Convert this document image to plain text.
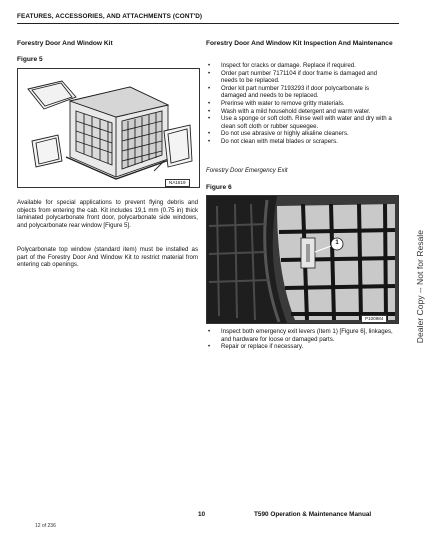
FEATURES, ACCESSORIES, AND ATTACHMENTS (CONT'D)
Forestry Door And Window Kit
Figure 5
NA1819
Available for special applications to prevent flying debris and objects from entering the cab. Kit includes 19,1 mm (0.75 in) thick laminated polycarbonate front door, polycarbonate side windows, and polycarbonate rear window [Figure 5].
Polycarbonate top window (standard item) must be installed as part of the Forestry Door And Window Kit to restrict material from entering cab openings.
Forestry Door And Window Kit Inspection And Maintenance
• Inspect for cracks or damage. Replace if required.
• Order part number 7171104 if door frame is damaged and needs to be replaced.
• Order kit part number 7193293 if door polycarbonate is damaged and needs to be replaced.
• Prerinse with water to remove gritty materials.
• Wash with a mild household detergent and warm water.
• Use a sponge or soft cloth. Rinse well with water and dry with a clean soft cloth or rubber squeegee.
• Do not use abrasive or highly alkaline cleaners.
• Do not clean with metal blades or scrapers.
Forestry Door Emergency Exit
Figure 6
1
P100984
• Inspect both emergency exit levers (Item 1) [Figure 6], linkages, and hardware for loose or damaged parts.
• Repair or replace if necessary.
Dealer Copy -- Not for Resale
10	T590 Operation & Maintenance Manual
12 of 236
